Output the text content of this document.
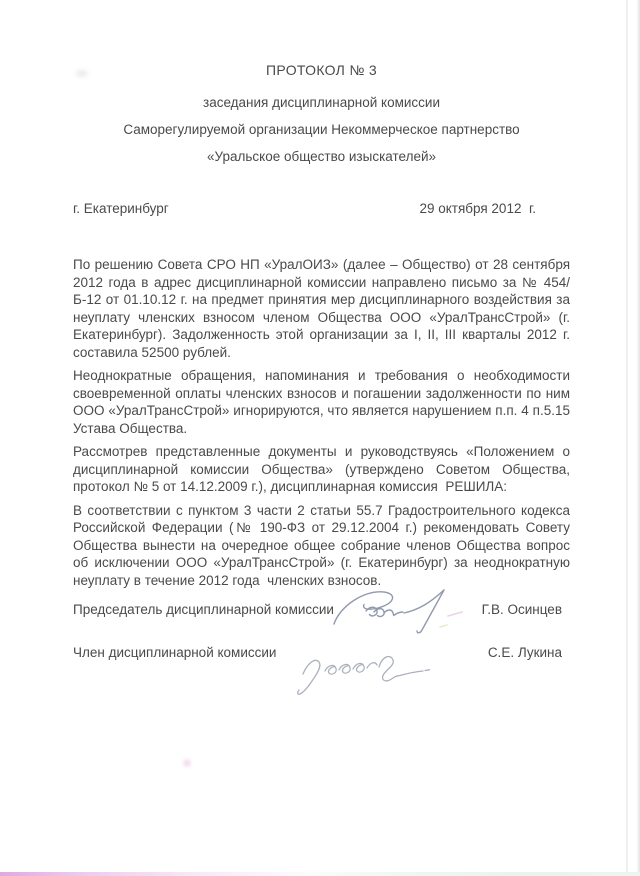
ПРОТОКОЛ № 3
заседания дисциплинарной комиссии
Саморегулируемой организации Некоммерческое партнерство
«Уральское общество изыскателей»
г. Екатеринбург	29 октября 2012  г.

По решению Совета СРО НП «УралОИЗ» (далее – Общество) от 28 сентября 2012 года в адрес дисциплинарной комиссии направлено письмо за № 454/Б-12 от 01.10.12 г. на предмет принятия мер дисциплинарного воздействия за неуплату членских взносом членом Общества ООО «УралТрансСтрой» (г. Екатеринбург). Задолженность этой организации за I, II, III кварталы 2012 г. составила 52500 рублей.

Неоднократные обращения, напоминания и требования о необходимости своевременной оплаты членских взносов и погашении задолженности по ним ООО «УралТрансСтрой» игнорируются, что является нарушением п.п. 4 п.5.15 Устава Общества.

Рассмотрев представленные документы и руководствуясь «Положением о дисциплинарной комиссии Общества» (утверждено Советом Общества, протокол № 5 от 14.12.2009 г.), дисциплинарная комиссия  РЕШИЛА:

В соответствии с пунктом 3 части 2 статьи 55.7 Градостроительного кодекса Российской Федерации (№ 190-ФЗ от 29.12.2004 г.) рекомендовать Совету Общества вынести на очередное общее собрание членов Общества вопрос об исключении ООО «УралТрансСтрой» (г. Екатеринбург) за неоднократную неуплату в течение 2012 года  членских взносов.

Председатель дисциплинарной комиссии	Г.В. Осинцев
Член дисциплинарной комиссии	С.Е. Лукина
